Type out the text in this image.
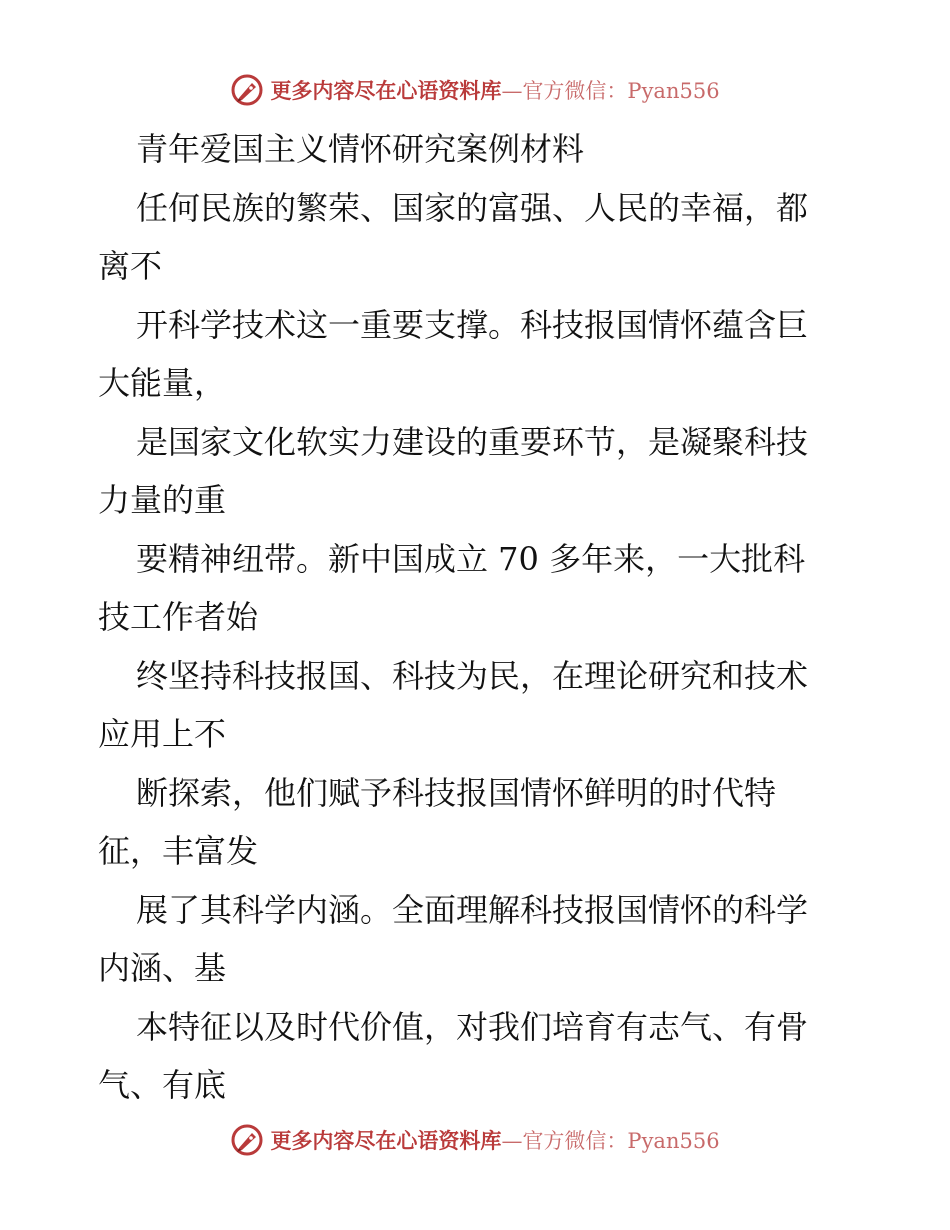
更多内容尽在心语资料库—官方微信：Pyan556
青年爱国主义情怀研究案例材料
任何民族的繁荣、国家的富强、人民的幸福，都
离不
开科学技术这一重要支撑。科技报国情怀蕴含巨
大能量，
是国家文化软实力建设的重要环节，是凝聚科技
力量的重
要精神纽带。新中国成立 70 多年来，一大批科
技工作者始
终坚持科技报国、科技为民，在理论研究和技术
应用上不
断探索，他们赋予科技报国情怀鲜明的时代特
征，丰富发
展了其科学内涵。全面理解科技报国情怀的科学
内涵、基
本特征以及时代价值，对我们培育有志气、有骨
气、有底
更多内容尽在心语资料库—官方微信：Pyan556
